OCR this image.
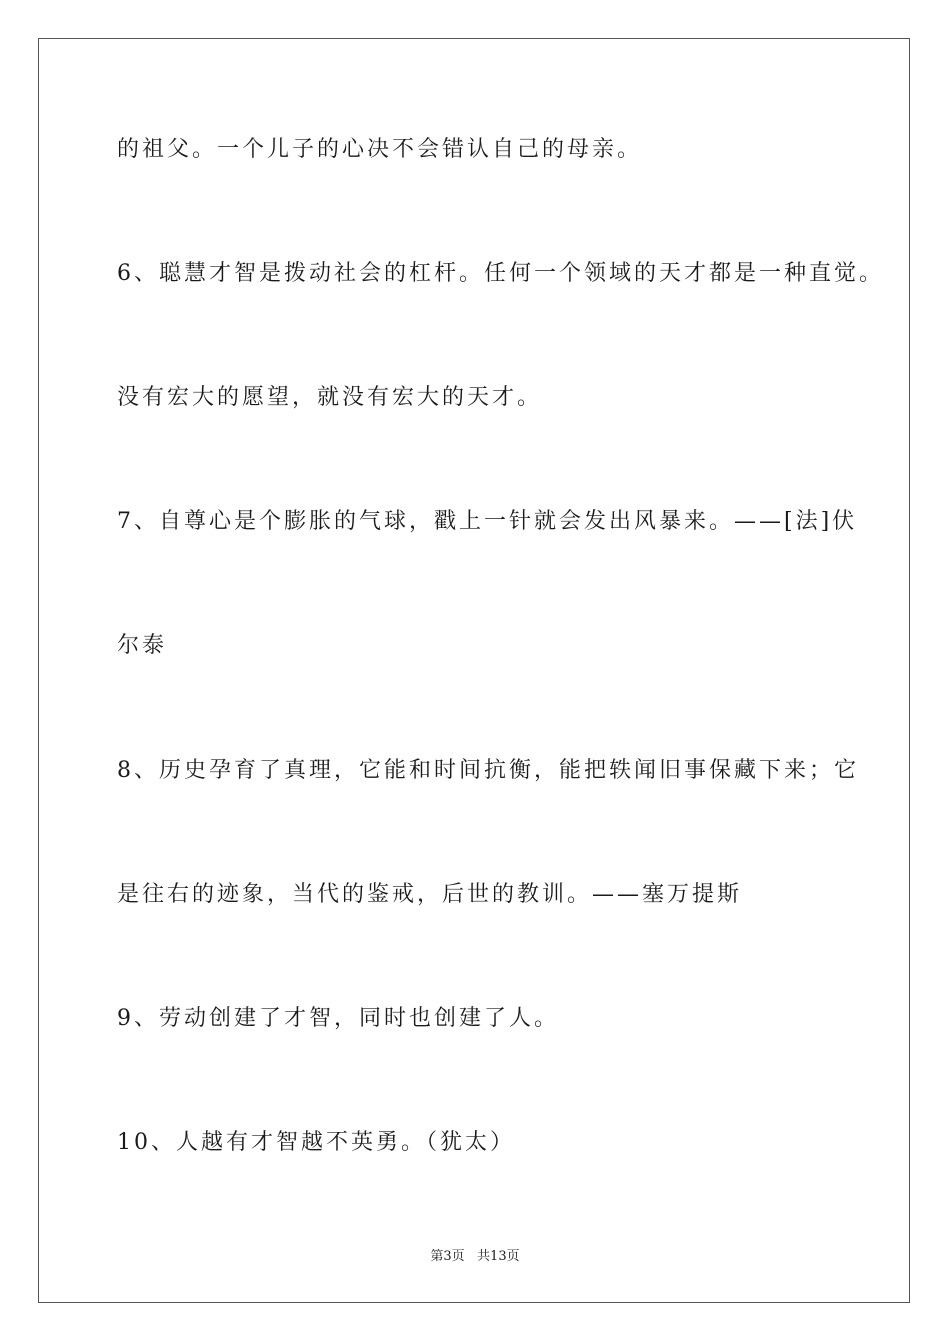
的祖父。一个儿子的心决不会错认自己的母亲。
6、聪慧才智是拨动社会的杠杆。任何一个领域的天才都是一种直觉。
没有宏大的愿望，就没有宏大的天才。
7、自尊心是个膨胀的气球，戳上一针就会发出风暴来。——[法]伏
尔泰
8、历史孕育了真理，它能和时间抗衡，能把轶闻旧事保藏下来；它
是往右的迹象，当代的鉴戒，后世的教训。——塞万提斯
9、劳动创建了才智，同时也创建了人。
10、人越有才智越不英勇。（犹太）
第3页   共13页
